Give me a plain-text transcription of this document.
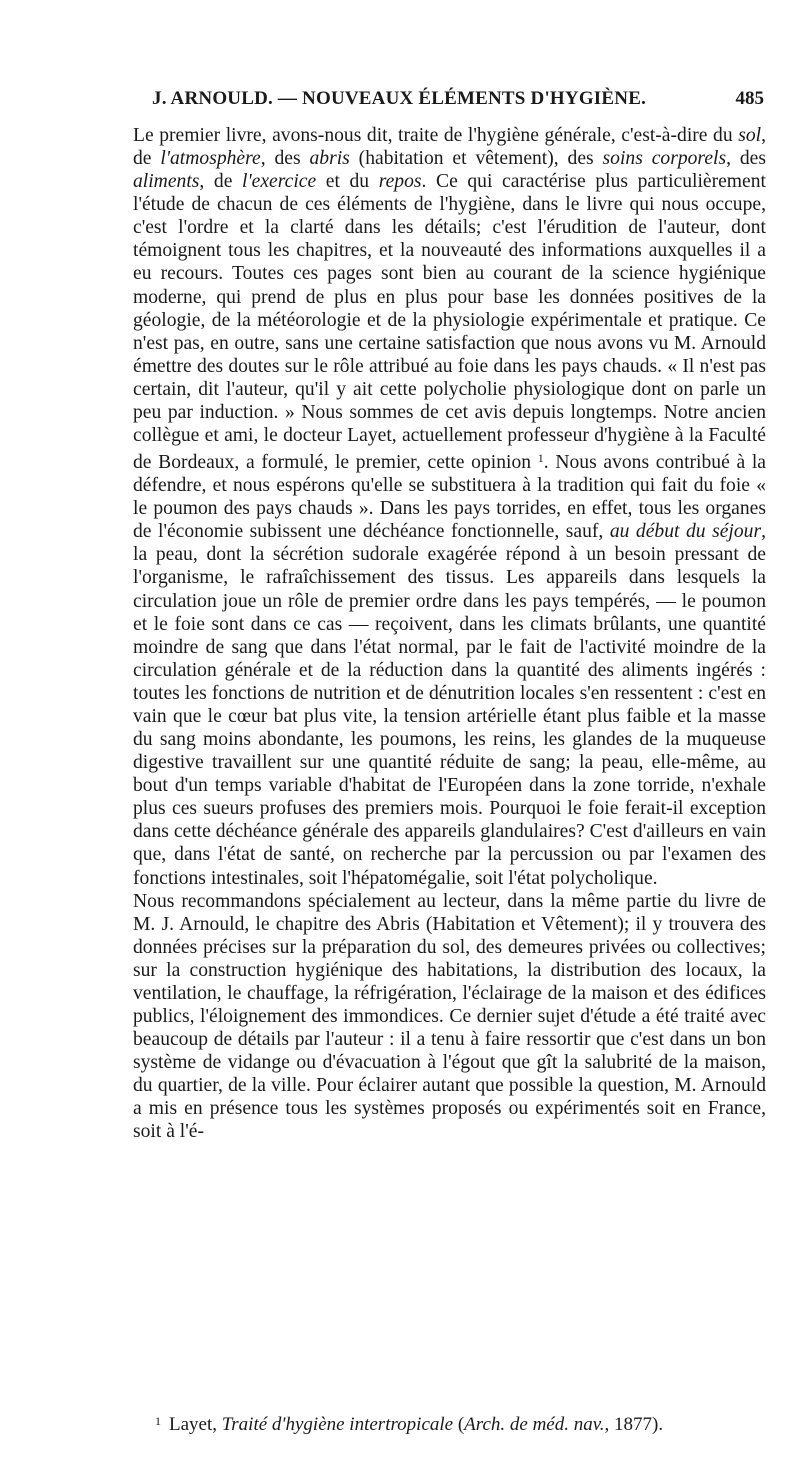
J. ARNOULD. — NOUVEAUX ÉLÉMENTS D'HYGIÈNE.	485

Le premier livre, avons-nous dit, traite de l'hygiène générale, c'est-à-dire du sol, de l'atmosphère, des abris (habitation et vêtement), des soins corporels, des aliments, de l'exercice et du repos. Ce qui caractérise plus particulièrement l'étude de chacun de ces éléments de l'hygiène, dans le livre qui nous occupe, c'est l'ordre et la clarté dans les détails; c'est l'érudition de l'auteur, dont témoignent tous les chapitres, et la nouveauté des informations auxquelles il a eu recours. Toutes ces pages sont bien au courant de la science hygiénique moderne, qui prend de plus en plus pour base les données positives de la géologie, de la météorologie et de la physiologie expérimentale et pratique. Ce n'est pas, en outre, sans une certaine satisfaction que nous avons vu M. Arnould émettre des doutes sur le rôle attribué au foie dans les pays chauds. « Il n'est pas certain, dit l'auteur, qu'il y ait cette polycholie physiologique dont on parle un peu par induction. » Nous sommes de cet avis depuis longtemps. Notre ancien collègue et ami, le docteur Layet, actuellement professeur d'hygiène à la Faculté de Bordeaux, a formulé, le premier, cette opinion $^1$. Nous avons contribué à la défendre, et nous espérons qu'elle se substituera à la tradition qui fait du foie « le poumon des pays chauds ». Dans les pays torrides, en effet, tous les organes de l'économie subissent une déchéance fonctionnelle, sauf, au début du séjour, la peau, dont la sécrétion sudorale exagérée répond à un besoin pressant de l'organisme, le rafraîchissement des tissus. Les appareils dans lesquels la circulation joue un rôle de premier ordre dans les pays tempérés, — le poumon et le foie sont dans ce cas — reçoivent, dans les climats brûlants, une quantité moindre de sang que dans l'état normal, par le fait de l'activité moindre de la circulation générale et de la réduction dans la quantité des aliments ingérés : toutes les fonctions de nutrition et de dénutrition locales s'en ressentent : c'est en vain que le cœur bat plus vite, la tension artérielle étant plus faible et la masse du sang moins abondante, les poumons, les reins, les glandes de la muqueuse digestive travaillent sur une quantité réduite de sang; la peau, elle-même, au bout d'un temps variable d'habitat de l'Européen dans la zone torride, n'exhale plus ces sueurs profuses des premiers mois. Pourquoi le foie ferait-il exception dans cette déchéance générale des appareils glandulaires? C'est d'ailleurs en vain que, dans l'état de santé, on recherche par la percussion ou par l'examen des fonctions intestinales, soit l'hépatomégalie, soit l'état polycholique.

Nous recommandons spécialement au lecteur, dans la même partie du livre de M. J. Arnould, le chapitre des Abris (Habitation et Vêtement); il y trouvera des données précises sur la préparation du sol, des demeures privées ou collectives; sur la construction hygiénique des habitations, la distribution des locaux, la ventilation, le chauffage, la réfrigération, l'éclairage de la maison et des édifices publics, l'éloignement des immondices. Ce dernier sujet d'étude a été traité avec beaucoup de détails par l'auteur : il a tenu à faire ressortir que c'est dans un bon système de vidange ou d'évacuation à l'égout que gît la salubrité de la maison, du quartier, de la ville. Pour éclairer autant que possible la question, M. Arnould a mis en présence tous les systèmes proposés ou expérimentés soit en France, soit à l'é-

$^1$ Layet, Traité d'hygiène intertropicale (Arch. de méd. nav., 1877).
